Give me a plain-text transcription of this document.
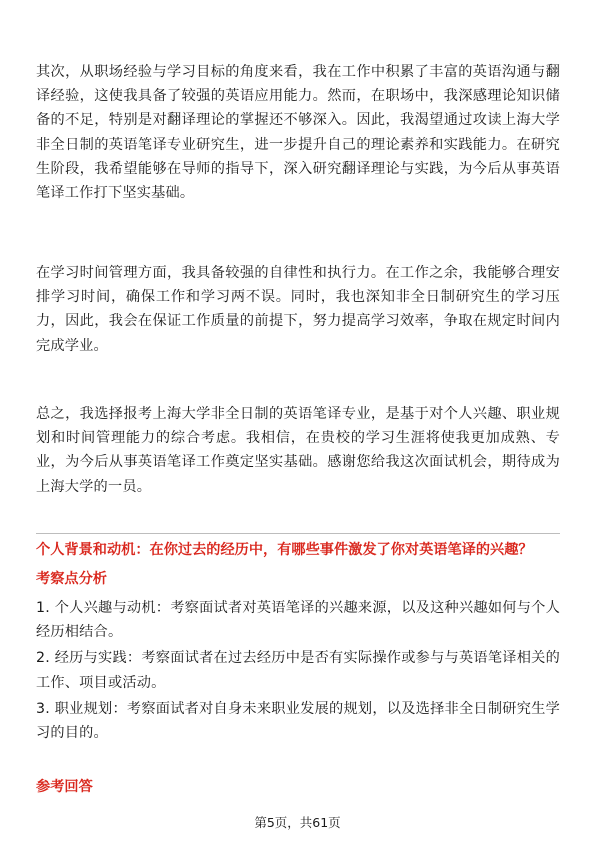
其次，从职场经验与学习目标的角度来看，我在工作中积累了丰富的英语沟通与翻译经验，这使我具备了较强的英语应用能力。然而，在职场中，我深感理论知识储备的不足，特别是对翻译理论的掌握还不够深入。因此，我渴望通过攻读上海大学非全日制的英语笔译专业研究生，进一步提升自己的理论素养和实践能力。在研究生阶段，我希望能够在导师的指导下，深入研究翻译理论与实践，为今后从事英语笔译工作打下坚实基础。

在学习时间管理方面，我具备较强的自律性和执行力。在工作之余，我能够合理安排学习时间，确保工作和学习两不误。同时，我也深知非全日制研究生的学习压力，因此，我会在保证工作质量的前提下，努力提高学习效率，争取在规定时间内完成学业。

总之，我选择报考上海大学非全日制的英语笔译专业，是基于对个人兴趣、职业规划和时间管理能力的综合考虑。我相信，在贵校的学习生涯将使我更加成熟、专业，为今后从事英语笔译工作奠定坚实基础。感谢您给我这次面试机会，期待成为上海大学的一员。

个人背景和动机：在你过去的经历中，有哪些事件激发了你对英语笔译的兴趣？

考察点分析

1. 个人兴趣与动机：考察面试者对英语笔译的兴趣来源，以及这种兴趣如何与个人经历相结合。
2. 经历与实践：考察面试者在过去经历中是否有实际操作或参与与英语笔译相关的工作、项目或活动。
3. 职业规划：考察面试者对自身未来职业发展的规划，以及选择非全日制研究生学习的目的。

参考回答

第5页，共61页
